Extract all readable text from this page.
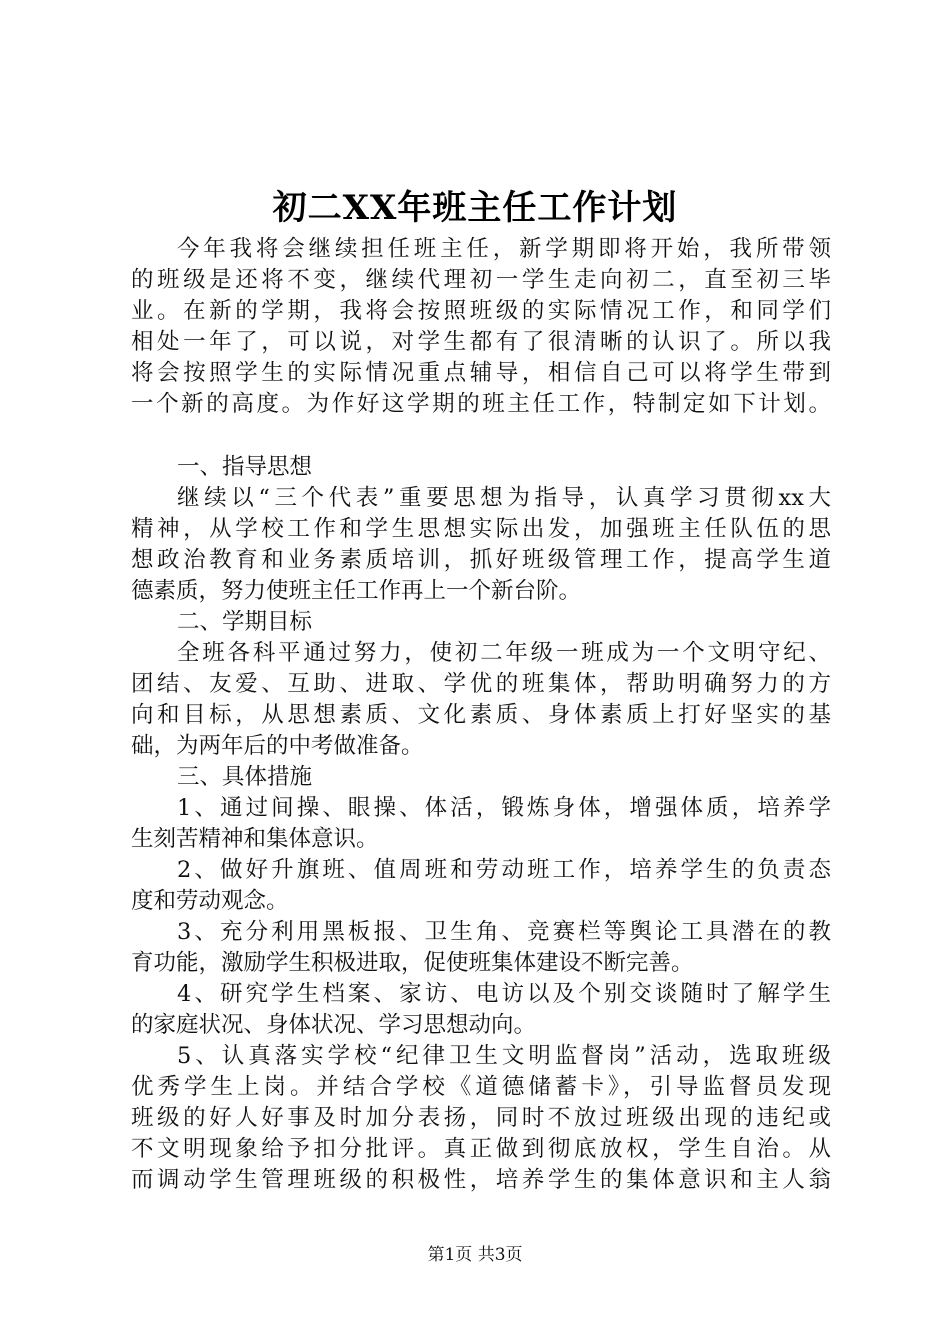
初二XX年班主任工作计划
今年我将会继续担任班主任，新学期即将开始，我所带领
的班级是还将不变，继续代理初一学生走向初二，直至初三毕
业。在新的学期，我将会按照班级的实际情况工作，和同学们
相处一年了，可以说，对学生都有了很清晰的认识了。所以我
将会按照学生的实际情况重点辅导，相信自己可以将学生带到
一个新的高度。为作好这学期的班主任工作，特制定如下计划。
一、指导思想
继续以“三个代表”重要思想为指导，认真学习贯彻xx大
精神，从学校工作和学生思想实际出发，加强班主任队伍的思
想政治教育和业务素质培训，抓好班级管理工作，提高学生道
德素质，努力使班主任工作再上一个新台阶。
二、学期目标
全班各科平通过努力，使初二年级一班成为一个文明守纪、
团结、友爱、互助、进取、学优的班集体，帮助明确努力的方
向和目标，从思想素质、文化素质、身体素质上打好坚实的基
础，为两年后的中考做准备。
三、具体措施
1、通过间操、眼操、体活，锻炼身体，增强体质，培养学
生刻苦精神和集体意识。
2、做好升旗班、值周班和劳动班工作，培养学生的负责态
度和劳动观念。
3、充分利用黑板报、卫生角、竞赛栏等舆论工具潜在的教
育功能，激励学生积极进取，促使班集体建设不断完善。
4、研究学生档案、家访、电访以及个别交谈随时了解学生
的家庭状况、身体状况、学习思想动向。
5、认真落实学校“纪律卫生文明监督岗”活动，选取班级
优秀学生上岗。并结合学校《道德储蓄卡》，引导监督员发现
班级的好人好事及时加分表扬，同时不放过班级出现的违纪或
不文明现象给予扣分批评。真正做到彻底放权，学生自治。从
而调动学生管理班级的积极性，培养学生的集体意识和主人翁
第1页 共3页
